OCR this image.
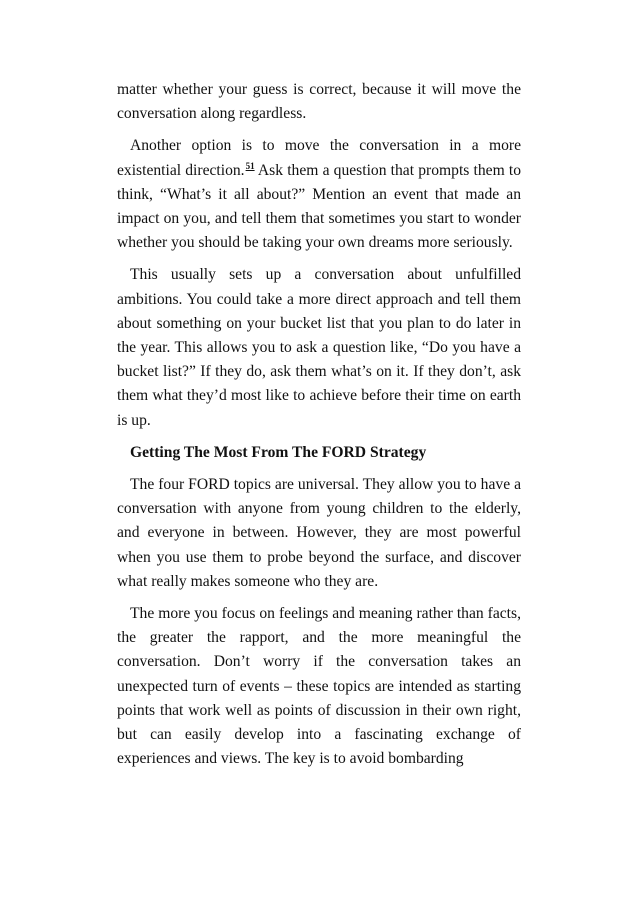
matter whether your guess is correct, because it will move the conversation along regardless.

Another option is to move the conversation in a more existential direction.$^{51}$ Ask them a question that prompts them to think, “What’s it all about?” Mention an event that made an impact on you, and tell them that sometimes you start to wonder whether you should be taking your own dreams more seriously.

This usually sets up a conversation about unfulfilled ambitions. You could take a more direct approach and tell them about something on your bucket list that you plan to do later in the year. This allows you to ask a question like, “Do you have a bucket list?” If they do, ask them what’s on it. If they don’t, ask them what they’d most like to achieve before their time on earth is up.

Getting The Most From The FORD Strategy

The four FORD topics are universal. They allow you to have a conversation with anyone from young children to the elderly, and everyone in between. However, they are most powerful when you use them to probe beyond the surface, and discover what really makes someone who they are.

The more you focus on feelings and meaning rather than facts, the greater the rapport, and the more meaningful the conversation. Don’t worry if the conversation takes an unexpected turn of events – these topics are intended as starting points that work well as points of discussion in their own right, but can easily develop into a fascinating exchange of experiences and views. The key is to avoid bombarding
